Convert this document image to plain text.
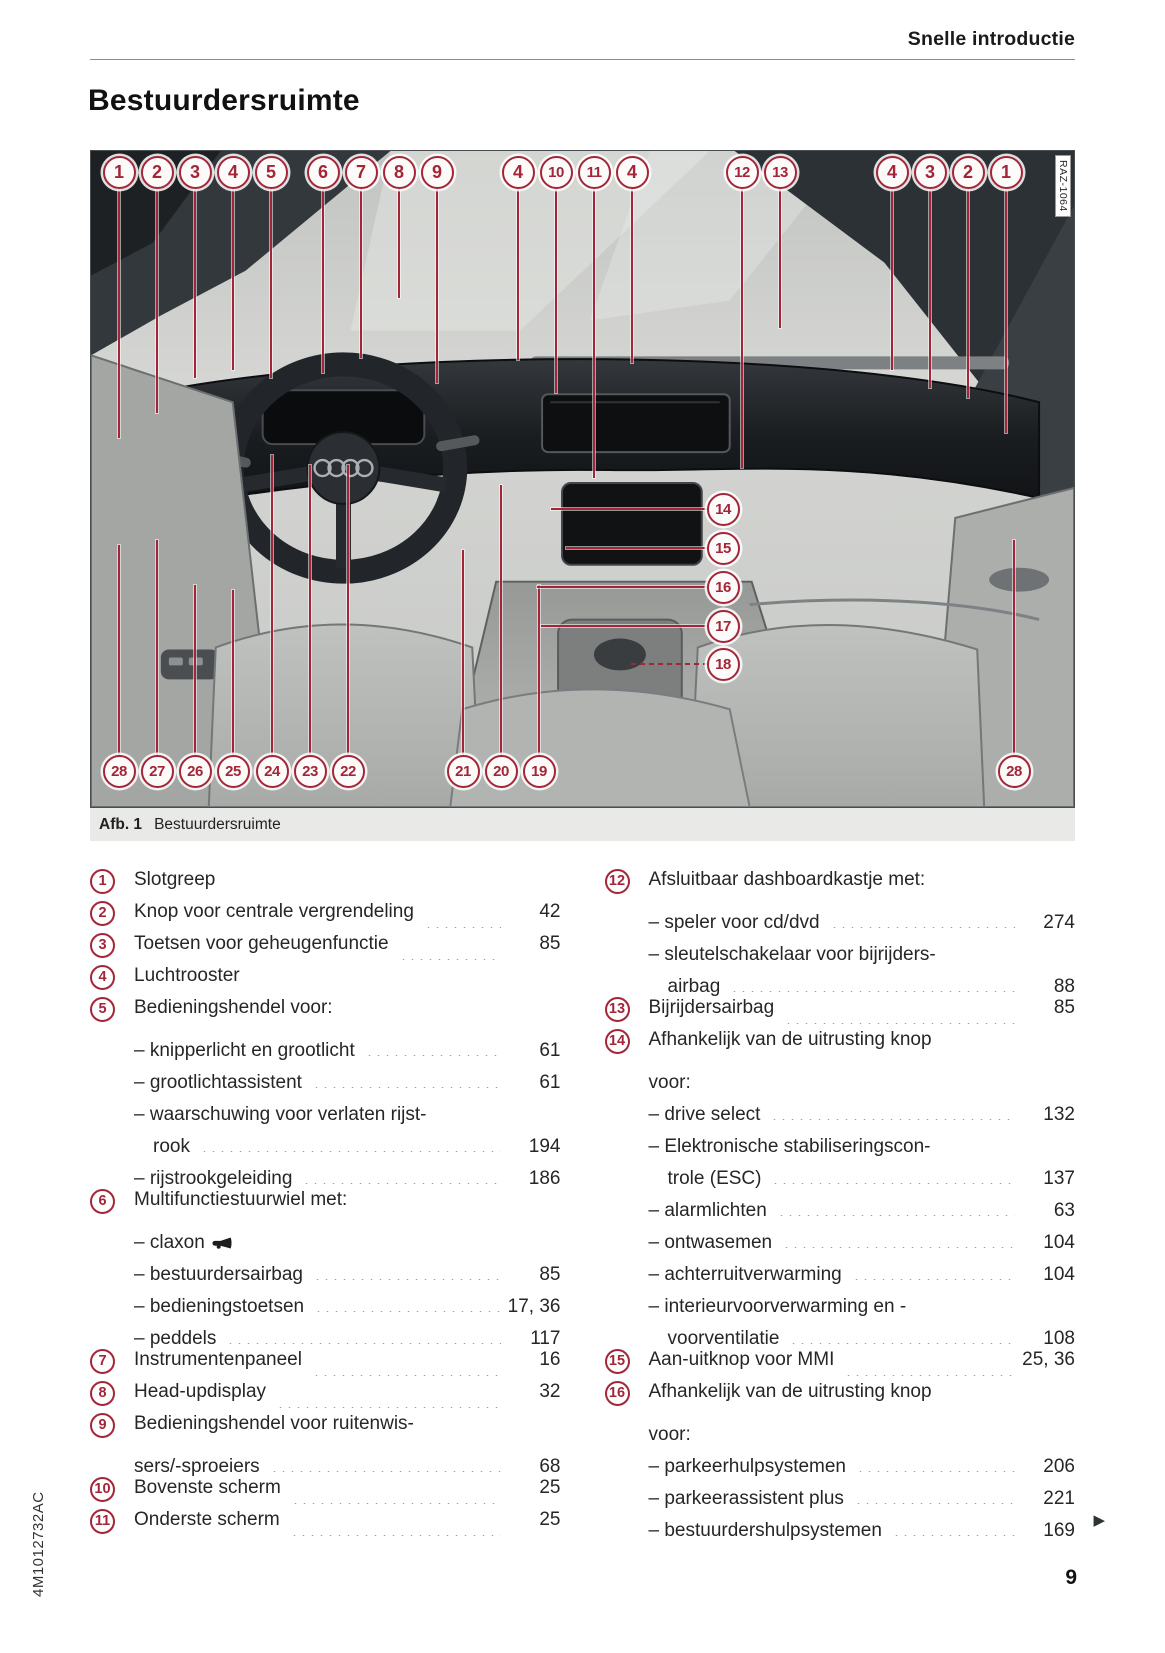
Snelle introductie
Bestuurdersruimte
RAZ-1064
1	2	3	4	5	6	7	8	9	4	10	11	4	12	13	4	3	2	1
28	27	26	25	24	23	22	21	20	19	28
14
15
16
17
18
Afb. 1 Bestuurdersruimte
1	Slotgreep
2	Knop voor centrale vergrendeling	42
3	Toetsen voor geheugenfunctie	85
4	Luchtrooster
5	Bedieningshendel voor:
– knipperlicht en grootlicht	61
– grootlichtassistent	61
– waarschuwing voor verlaten rijst-
rook	194
– rijstrookgeleiding	186
6	Multifunctiestuurwiel met:
– claxon
– bestuurdersairbag	85
– bedieningstoetsen	17, 36
– peddels	117
7	Instrumentenpaneel	16
8	Head-updisplay	32
9	Bedieningshendel voor ruitenwis-
sers/-sproeiers	68
10 Bovenste scherm	25
11 Onderste scherm	25
12 Afsluitbaar dashboardkastje met:
– speler voor cd/dvd	274
– sleutelschakelaar voor bijrijders-
airbag	88
13 Bijrijdersairbag	85
14 Afhankelijk van de uitrusting knop
voor:
– drive select	132
– Elektronische stabiliseringscon-
trole (ESC)	137
– alarmlichten	63
– ontwasemen	104
– achterruitverwarming	104
– interieurvoorverwarming en -
voorventilatie	108
15 Aan-uitknop voor MMI	25, 36
16 Afhankelijk van de uitrusting knop
voor:
– parkeerhulpsystemen	206
– parkeerassistent plus	221
– bestuurdershulpsystemen	169 ▶
4M1012732AC	9
